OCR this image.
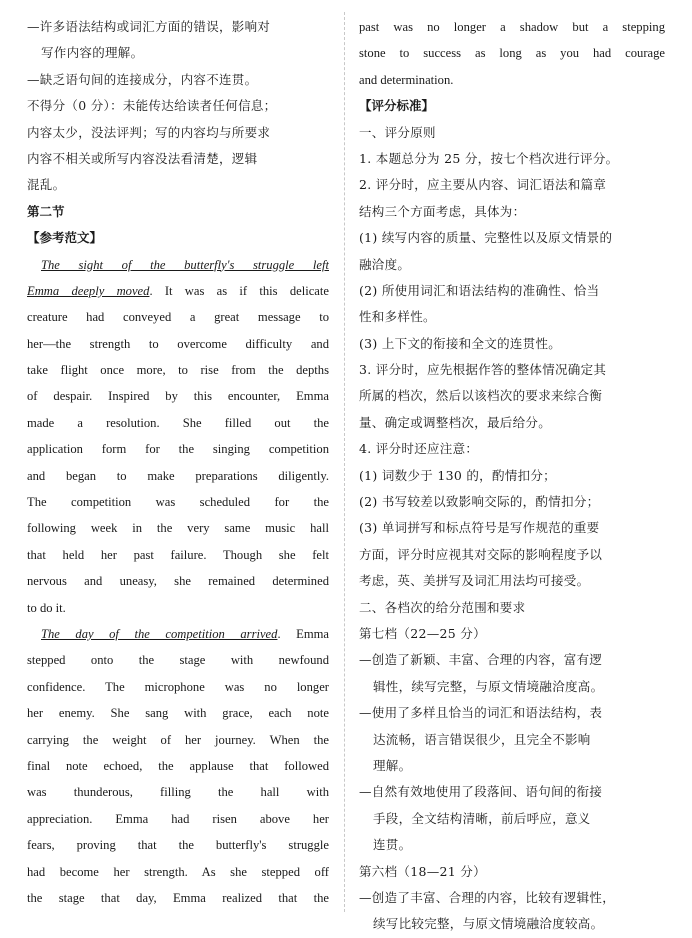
—许多语法结构或词汇方面的错误，影响对
写作内容的理解。
—缺乏语句间的连接成分，内容不连贯。
不得分（0 分）：未能传达给读者任何信息；
内容太少，没法评判；写的内容均与所要求
内容不相关或所写内容没法看清楚，逻辑
混乱。
第二节
【参考范文】
The sight of the butterfly's struggle left
Emma deeply moved. It was as if this delicate
creature had conveyed a great message to
her—the strength to overcome difficulty and
take flight once more, to rise from the depths
of despair. Inspired by this encounter, Emma
made a resolution. She filled out the
application form for the singing competition
and began to make preparations diligently.
The competition was scheduled for the
following week in the very same music hall
that held her past failure. Though she felt
nervous and uneasy, she remained determined
to do it.
The day of the competition arrived. Emma
stepped onto the stage with newfound
confidence. The microphone was no longer
her enemy. She sang with grace, each note
carrying the weight of her journey. When the
final note echoed, the applause that followed
was thunderous, filling the hall with
appreciation. Emma had risen above her
fears, proving that the butterfly's struggle
had become her strength. As she stepped off
the stage that day, Emma realized that the
past was no longer a shadow but a stepping
stone to success as long as you had courage
and determination.
【评分标准】
一、评分原则
1. 本题总分为 25 分，按七个档次进行评分。
2. 评分时，应主要从内容、词汇语法和篇章
结构三个方面考虑，具体为：
(1) 续写内容的质量、完整性以及原文情景的
融洽度。
(2) 所使用词汇和语法结构的准确性、恰当
性和多样性。
(3) 上下文的衔接和全文的连贯性。
3. 评分时，应先根据作答的整体情况确定其
所属的档次，然后以该档次的要求来综合衡
量、确定或调整档次，最后给分。
4. 评分时还应注意：
(1) 词数少于 130 的，酌情扣分；
(2) 书写较差以致影响交际的，酌情扣分；
(3) 单词拼写和标点符号是写作规范的重要
方面，评分时应视其对交际的影响程度予以
考虑，英、美拼写及词汇用法均可接受。
二、各档次的给分范围和要求
第七档（22—25 分）
—创造了新颖、丰富、合理的内容，富有逻
辑性，续写完整，与原文情境融洽度高。
—使用了多样且恰当的词汇和语法结构，表
达流畅，语言错误很少，且完全不影响
理解。
—自然有效地使用了段落间、语句间的衔接
手段，全文结构清晰，前后呼应，意义
连贯。
第六档（18—21 分）
—创造了丰富、合理的内容，比较有逻辑性，
续写比较完整，与原文情境融洽度较高。
